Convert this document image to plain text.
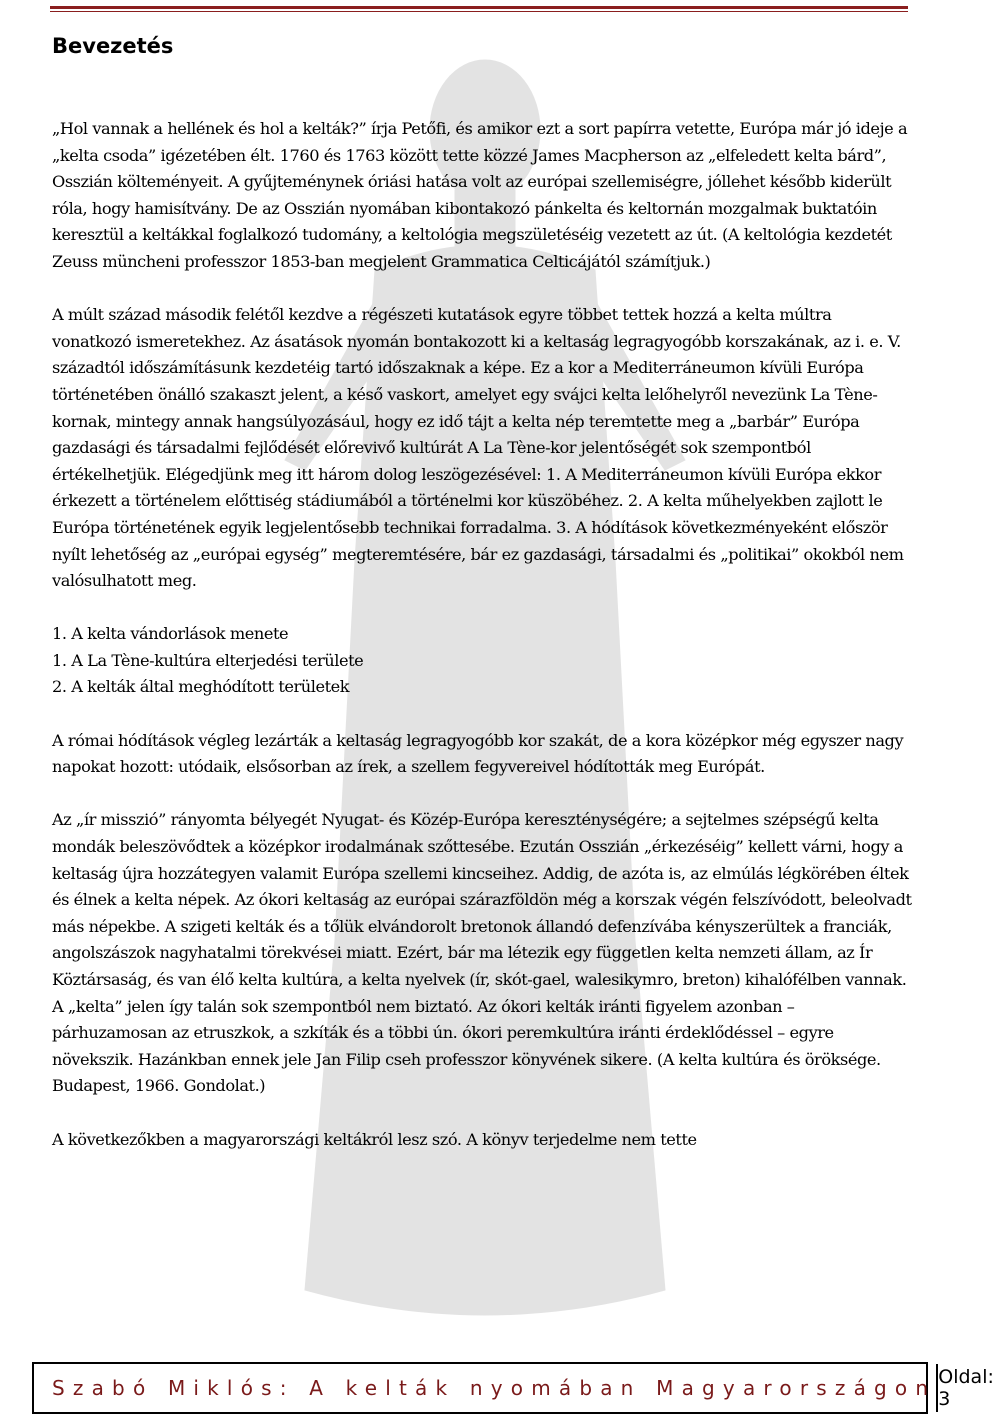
Bevezetés

„Hol vannak a hellének és hol a kelták?” írja Petőfi, és amikor ezt a sort papírra vetette, Európa már jó ideje a „kelta csoda” igézetében élt. 1760 és 1763 között tette közzé James Macpherson az „elfeledett kelta bárd”, Osszián költeményeit. A gyűjteménynek óriási hatása volt az európai szellemiségre, jóllehet később kiderült róla, hogy hamisítvány. De az Osszián nyomában kibontakozó pánkelta és keltornán mozgalmak buktatóin keresztül a keltákkal foglalkozó tudomány, a keltológia megszületéséig vezetett az út. (A keltológia kezdetét Zeuss müncheni professzor 1853-ban megjelent Grammatica Celticájától számítjuk.)

A múlt század második felétől kezdve a régészeti kutatások egyre többet tettek hozzá a kelta múltra vonatkozó ismeretekhez. Az ásatások nyomán bontakozott ki a keltaság legragyogóbb korszakának, az i. e. V. századtól időszámításunk kezdetéig tartó időszaknak a képe. Ez a kor a Mediterráneumon kívüli Európa történetében önálló szakaszt jelent, a késő vaskort, amelyet egy svájci kelta lelőhelyről nevezünk La Tène-kornak, mintegy annak hangsúlyozásául, hogy ez idő tájt a kelta nép teremtette meg a „barbár” Európa gazdasági és társadalmi fejlődését előrevivő kultúrát A La Tène-kor jelentőségét sok szempontból értékelhetjük. Elégedjünk meg itt három dolog leszögezésével: 1. A Mediterráneumon kívüli Európa ekkor érkezett a történelem előttiség stádiumából a történelmi kor küszöbéhez. 2. A kelta műhelyekben zajlott le Európa történetének egyik legjelentősebb technikai forradalma. 3. A hódítások következményeként először nyílt lehetőség az „európai egység” megteremtésére, bár ez gazdasági, társadalmi és „politikai” okokból nem valósulhatott meg.

1. A kelta vándorlások menete

1. A La Tène-kultúra elterjedési területe

2. A kelták által meghódított területek

A római hódítások végleg lezárták a keltaság legragyogóbb kor szakát, de a kora középkor még egyszer nagy napokat hozott: utódaik, elsősorban az írek, a szellem fegyvereivel hódították meg Európát.

Az „ír misszió” rányomta bélyegét Nyugat- és Közép-Európa kereszténységére; a sejtelmes szépségű kelta mondák beleszövődtek a középkor irodalmának szőttesébe. Ezután Osszián „érkezéséig” kellett várni, hogy a keltaság újra hozzátegyen valamit Európa szellemi kincseihez. Addig, de azóta is, az elmúlás légkörében éltek és élnek a kelta népek. Az ókori keltaság az európai szárazföldön még a korszak végén felszívódott, beleolvadt más népekbe. A szigeti kelták és a tőlük elvándorolt bretonok állandó defenzívába kényszerültek a franciák, angolszászok nagyhatalmi törekvései miatt. Ezért, bár ma létezik egy független kelta nemzeti állam, az Ír Köztársaság, és van élő kelta kultúra, a kelta nyelvek (ír, skót-gael, walesikymro, breton) kihalófélben vannak. A „kelta” jelen így talán sok szempontból nem biztató. Az ókori kelták iránti figyelem azonban – párhuzamosan az etruszkok, a szkíták és a többi ún. ókori peremkultúra iránti érdeklődéssel – egyre növekszik. Hazánkban ennek jele Jan Filip cseh professzor könyvének sikere. (A kelta kultúra és öröksége. Budapest, 1966. Gondolat.)

A következőkben a magyarországi keltákról lesz szó. A könyv terjedelme nem tette

Szabó Miklós: A kelták nyomában Magyarországon Oldal: 3
